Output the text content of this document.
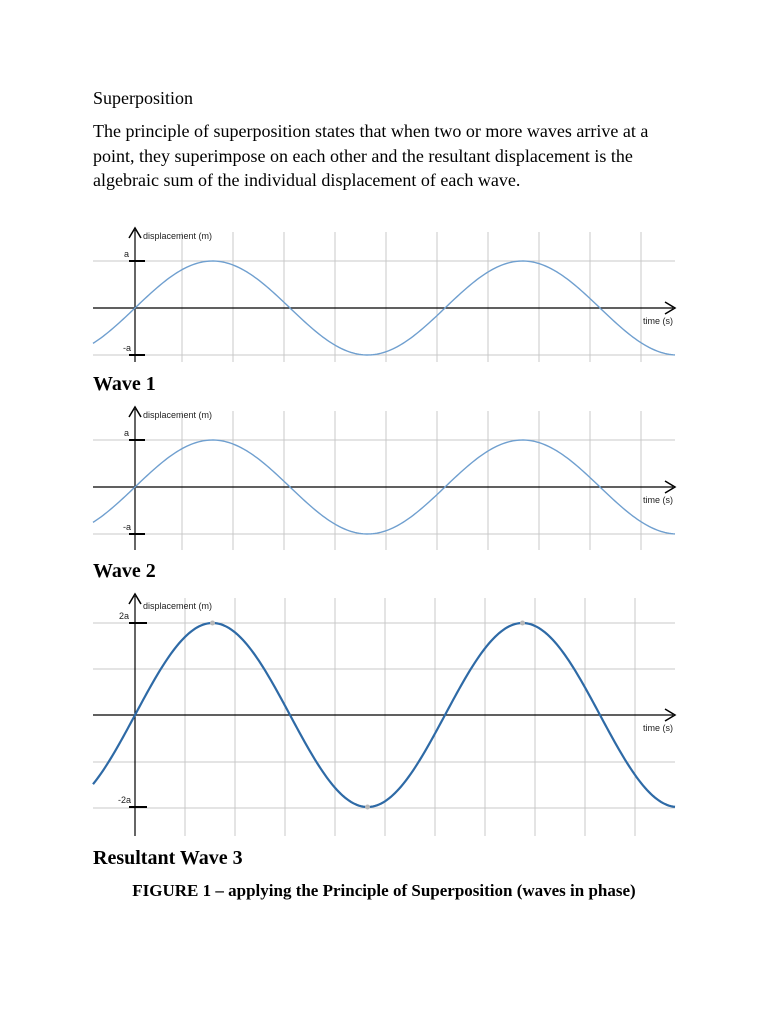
Superposition

The principle of superposition states that when two or more waves arrive at a point, they superimpose on each other and the resultant displacement is the algebraic sum of the individual displacement of each wave.

a
-a
displacement (m)
time (s)
a
-a
displacement (m)
time (s)
2a
-2a
displacement (m)
time (s)

Wave 1

Wave 2

Resultant Wave 3

FIGURE 1 – applying the Principle of Superposition (waves in phase)
